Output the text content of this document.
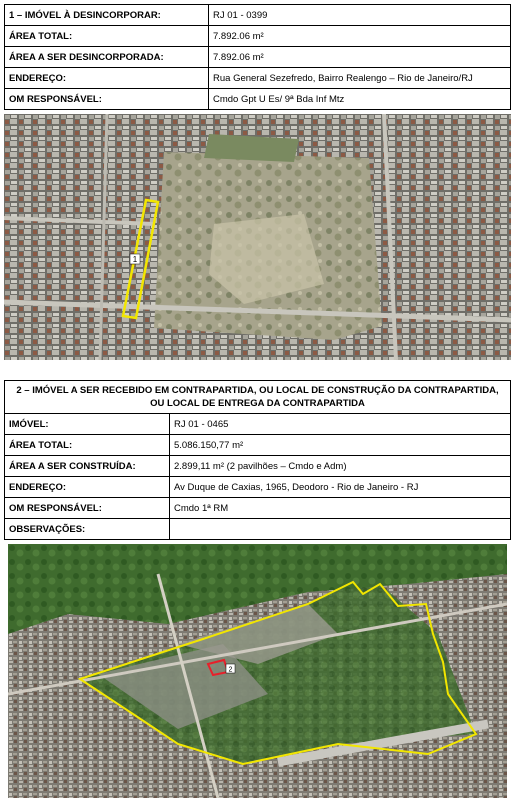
1 – IMÓVEL À DESINCORPORAR:	RJ 01 - 0399
ÁREA TOTAL:	7.892.06 m²
ÁREA A SER DESINCORPORADA:	7.892.06 m²
ENDEREÇO:	Rua General Sezefredo, Bairro Realengo – Rio de Janeiro/RJ
OM RESPONSÁVEL:	Cmdo Gpt U Es/ 9ª Bda Inf Mtz
1
2 – IMÓVEL A SER RECEBIDO EM CONTRAPARTIDA, OU LOCAL DE CONSTRUÇÃO DA CONTRAPARTIDA, OU LOCAL DE ENTREGA DA CONTRAPARTIDA	
IMÓVEL:	RJ 01 - 0465
ÁREA TOTAL:	5.086.150,77 m²
ÁREA A SER CONSTRUÍDA:	2.899,11 m² (2 pavilhões – Cmdo e Adm)
ENDEREÇO:	Av Duque de Caxias, 1965, Deodoro - Rio de Janeiro - RJ
OM RESPONSÁVEL:	Cmdo 1ª RM
OBSERVAÇÕES:	
2
